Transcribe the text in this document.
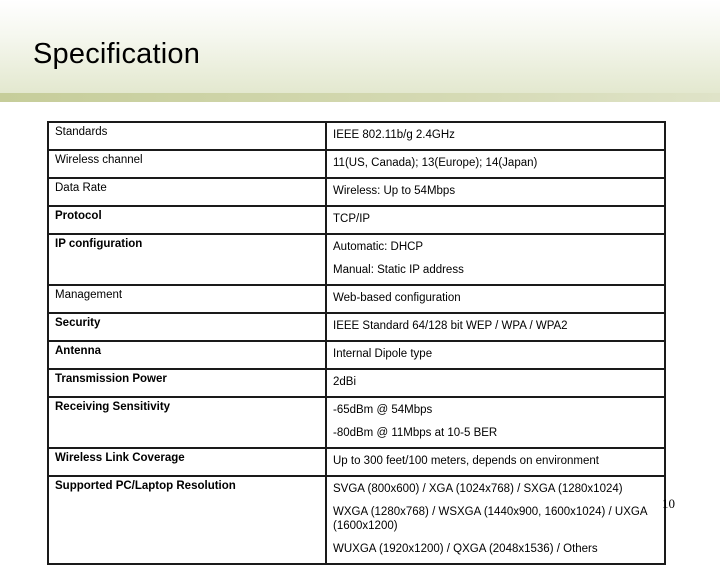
Specification
Standards	IEEE 802.11b/g 2.4GHz

Wireless channel	11(US, Canada); 13(Europe); 14(Japan)

Data Rate	Wireless: Up to 54Mbps

Protocol	TCP/IP

IP configuration	Automatic: DHCP
Manual: Static IP address

Management	Web-based configuration

Security	IEEE Standard 64/128 bit WEP / WPA / WPA2

Antenna	Internal Dipole type

Transmission Power	2dBi

Receiving Sensitivity	-65dBm @ 54Mbps
-80dBm @ 11Mbps at 10-5 BER

Wireless Link Coverage	Up to 300 feet/100 meters, depends on environment

Supported PC/Laptop Resolution	SVGA (800x600) / XGA (1024x768) / SXGA (1280x1024)
WXGA (1280x768) / WSXGA (1440x900, 1600x1024) / UXGA (1600x1200)
WUXGA (1920x1200) / QXGA (2048x1536) / Others
10
